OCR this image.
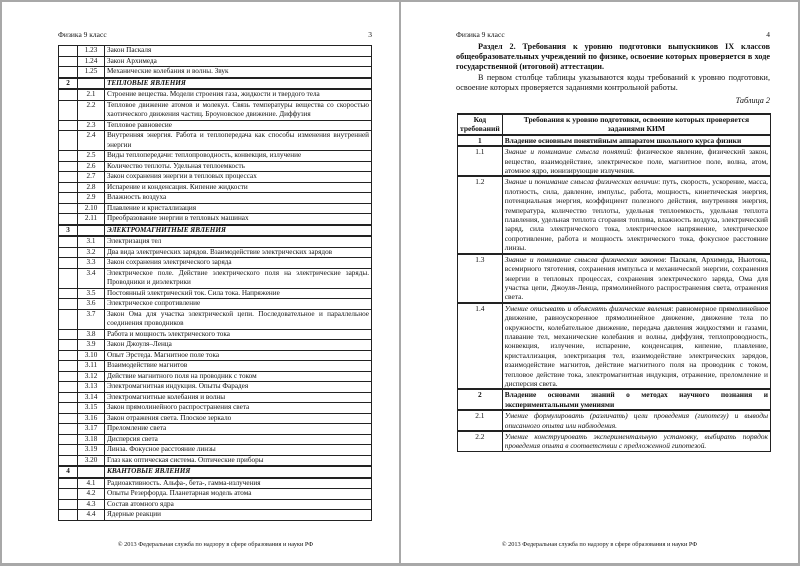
Физика 9 класс	3
	1.23	Закон Паскаля
	1.24	Закон Архимеда
	1.25	Механические колебания и волны. Звук
2		ТЕПЛОВЫЕ ЯВЛЕНИЯ
	2.1	Строение вещества. Модели строения газа, жидкости и твердого тела
	2.2	Тепловое движение атомов и молекул. Связь температуры вещества со скоростью хаотического движения частиц. Броуновское движение. Диффузия
	2.3	Тепловое равновесие
	2.4	Внутренняя энергия. Работа и теплопередача как способы изменения внутренней энергии
	2.5	Виды теплопередачи: теплопроводность, конвекция, излучение
	2.6	Количество теплоты. Удельная теплоемкость
	2.7	Закон сохранения энергии в тепловых процессах
	2.8	Испарение и конденсация. Кипение жидкости
	2.9	Влажность воздуха
	2.10	Плавление и кристаллизация
	2.11	Преобразование энергии в тепловых машинах
3		ЭЛЕКТРОМАГНИТНЫЕ ЯВЛЕНИЯ
	3.1	Электризация тел
	3.2	Два вида электрических зарядов. Взаимодействие электрических зарядов
	3.3	Закон сохранения электрического заряда
	3.4	Электрическое поле. Действие электрического поля на электрические заряды. Проводники и диэлектрики
	3.5	Постоянный электрический ток. Сила тока. Напряжение
	3.6	Электрическое сопротивление
	3.7	Закон Ома для участка электрической цепи. Последовательное и параллельное соединения проводников
	3.8	Работа и мощность электрического тока
	3.9	Закон Джоуля–Ленца
	3.10	Опыт Эрстеда. Магнитное поле тока
	3.11	Взаимодействие магнитов
	3.12	Действие магнитного поля на проводник с током
	3.13	Электромагнитная индукция. Опыты Фарадея
	3.14	Электромагнитные колебания и волны
	3.15	Закон прямолинейного распространения света
	3.16	Закон отражения света. Плоское зеркало
	3.17	Преломление света
	3.18	Дисперсия света
	3.19	Линза. Фокусное расстояние линзы
	3.20	Глаз как оптическая система. Оптические приборы
4		КВАНТОВЫЕ ЯВЛЕНИЯ
	4.1	Радиоактивность. Альфа-, бета-, гамма-излучения
	4.2	Опыты Резерфорда. Планетарная модель атома
	4.3	Состав атомного ядра
	4.4	Ядерные реакции
© 2013 Федеральная служба по надзору в сфере образования и науки РФ
Физика 9 класс	4

Раздел 2. Требования к уровню подготовки выпускников IX классов общеобразовательных учреждений по физике, освоение которых проверяется в ходе государственной (итоговой) аттестации.

В первом столбце таблицы указываются коды требований к уровню подготовки, освоение которых проверяется заданиями контрольной работы.

Таблица 2

Код требований	Требования к уровню подготовки, освоение которых проверяется заданиями КИМ
1	Владение основным понятийным аппаратом школьного курса физики
1.1	Знание и понимание смысла понятий: физическое явление, физический закон, вещество, взаимодействие, электрическое поле, магнитное поле, волна, атом, атомное ядро, ионизирующие излучения.
1.2	Знание и понимание смысла физических величин: путь, скорость, ускорение, масса, плотность, сила, давление, импульс, работа, мощность, кинетическая энергия, потенциальная энергия, коэффициент полезного действия, внутренняя энергия, температура, количество теплоты, удельная теплоемкость, удельная теплота плавления, удельная теплота сгорания топлива, влажность воздуха, электрический заряд, сила электрического тока, электрическое напряжение, электрическое сопротивление, работа и мощность электрического тока, фокусное расстояние линзы.
1.3	Знание и понимание смысла физических законов: Паскаля, Архимеда, Ньютона, всемирного тяготения, сохранения импульса и механической энергии, сохранения энергии в тепловых процессах, сохранения электрического заряда, Ома для участка цепи, Джоуля-Ленца, прямолинейного распространения света, отражения света.
1.4	Умение описывать и объяснять физические явления: равномерное прямолинейное движение, равноускоренное прямолинейное движение, движение тела по окружности, колебательное движение, передача давления жидкостями и газами, плавание тел, механические колебания и волны, диффузия, теплопроводность, конвекция, излучение, испарение, конденсация, кипение, плавление, кристаллизация, электризация тел, взаимодействие электрических зарядов, взаимодействие магнитов, действие магнитного поля на проводник с током, тепловое действие тока, электромагнитная индукция, отражение, преломление и дисперсия света.
2	Владение основами знаний о методах научного познания и экспериментальными умениями
2.1	Умение формулировать (различать) цели проведения (гипотезу) и выводы описанного опыта или наблюдения.
2.2	Умение конструировать экспериментальную установку, выбирать порядок проведения опыта в соответствии с предложенной гипотезой.
© 2013 Федеральная служба по надзору в сфере образования и науки РФ
